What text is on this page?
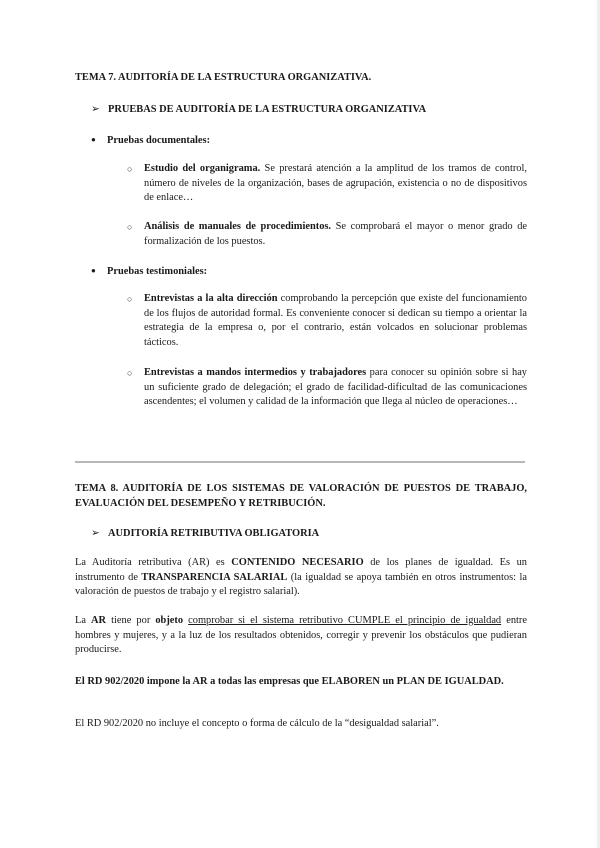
TEMA 7. AUDITORÍA DE LA ESTRUCTURA ORGANIZATIVA.
➢ PRUEBAS DE AUDITORÍA DE LA ESTRUCTURA ORGANIZATIVA
● Pruebas documentales:
○ Estudio del organigrama. Se prestará atención a la amplitud de los tramos de control, número de niveles de la organización, bases de agrupación, existencia o no de dispositivos de enlace…
○ Análisis de manuales de procedimientos. Se comprobará el mayor o menor grado de formalización de los puestos.
● Pruebas testimoniales:
○ Entrevistas a la alta dirección comprobando la percepción que existe del funcionamiento de los flujos de autoridad formal. Es conveniente conocer si dedican su tiempo a orientar la estrategia de la empresa o, por el contrario, están volcados en solucionar problemas tácticos.
○ Entrevistas a mandos intermedios y trabajadores para conocer su opinión sobre si hay un suficiente grado de delegación; el grado de facilidad-dificultad de las comunicaciones ascendentes; el volumen y calidad de la información que llega al núcleo de operaciones…
TEMA 8. AUDITORÍA DE LOS SISTEMAS DE VALORACIÓN DE PUESTOS DE TRABAJO, EVALUACIÓN DEL DESEMPEÑO Y RETRIBUCIÓN.
➢ AUDITORÍA RETRIBUTIVA OBLIGATORIA
La Auditoría retributiva (AR) es CONTENIDO NECESARIO de los planes de igualdad. Es un instrumento de TRANSPARENCIA SALARIAL (la igualdad se apoya también en otros instrumentos: la valoración de puestos de trabajo y el registro salarial).
La AR tiene por objeto comprobar si el sistema retributivo CUMPLE el principio de igualdad entre hombres y mujeres, y a la luz de los resultados obtenidos, corregir y prevenir los obstáculos que pudieran producirse.
El RD 902/2020 impone la AR a todas las empresas que ELABOREN un PLAN DE IGUALDAD.
El RD 902/2020 no incluye el concepto o forma de cálculo de la “desigualdad salarial”.
